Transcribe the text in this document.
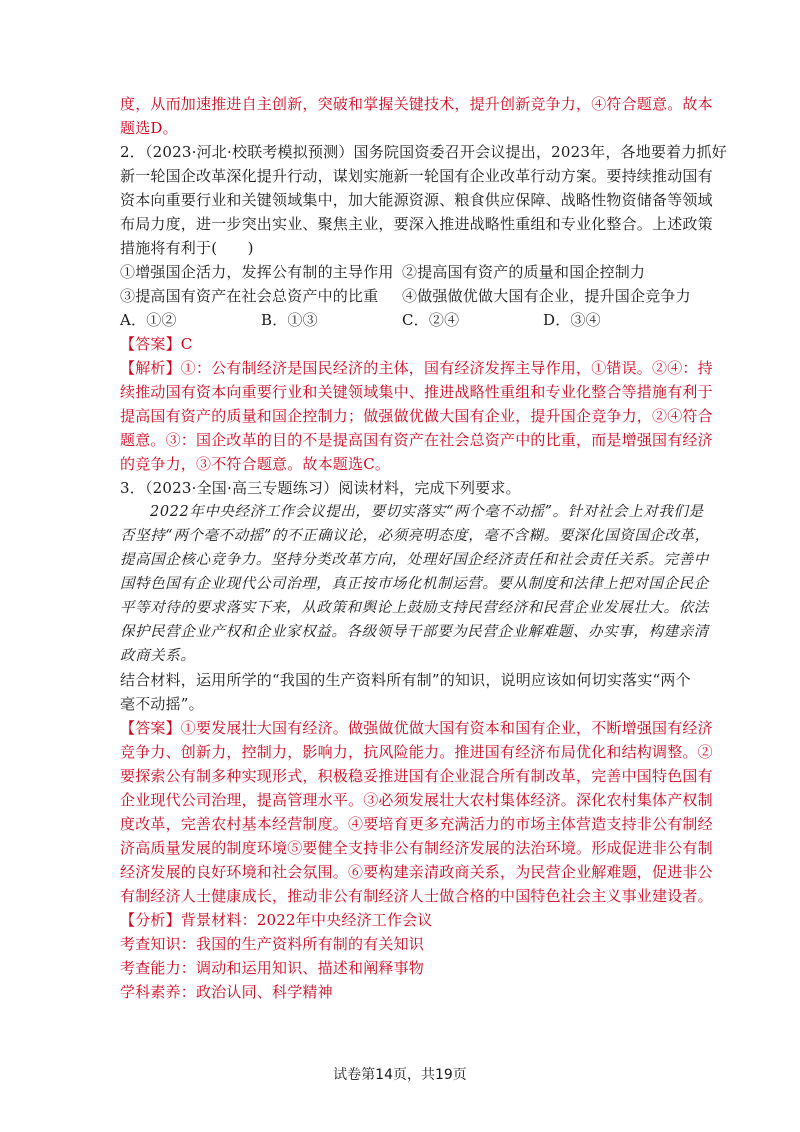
度，从而加速推进自主创新，突破和掌握关键技术，提升创新竞争力，④符合题意。故本
题选D。
2．（2023·河北·校联考模拟预测）国务院国资委召开会议提出，2023年，各地要着力抓好
新一轮国企改革深化提升行动，谋划实施新一轮国有企业改革行动方案。要持续推动国有
资本向重要行业和关键领域集中，加大能源资源、粮食供应保障、战略性物资储备等领域
布局力度，进一步突出实业、聚焦主业，要深入推进战略性重组和专业化整合。上述政策
措施将有利于(　　)
①增强国企活力，发挥公有制的主导作用 ②提高国有资产的质量和国企控制力
③提高国有资产在社会总资产中的比重	④做强做优做大国有企业，提升国企竞争力
A．①②	B．①③	C．②④	D．③④
【答案】C
【解析】①：公有制经济是国民经济的主体，国有经济发挥主导作用，①错误。②④：持
续推动国有资本向重要行业和关键领域集中、推进战略性重组和专业化整合等措施有利于
提高国有资产的质量和国企控制力；做强做优做大国有企业，提升国企竞争力，②④符合
题意。③：国企改革的目的不是提高国有资产在社会总资产中的比重，而是增强国有经济
的竞争力，③不符合题意。故本题选C。
3．（2023·全国·高三专题练习）阅读材料，完成下列要求。
2022年中央经济工作会议提出，要切实落实“两个毫不动摇”。针对社会上对我们是
否坚持“两个毫不动摇”的不正确议论，必须亮明态度，毫不含糊。要深化国资国企改革，
提高国企核心竞争力。坚持分类改革方向，处理好国企经济责任和社会责任关系。完善中
国特色国有企业现代公司治理，真正按市场化机制运营。要从制度和法律上把对国企民企
平等对待的要求落实下来，从政策和舆论上鼓励支持民营经济和民营企业发展壮大。依法
保护民营企业产权和企业家权益。各级领导干部要为民营企业解难题、办实事，构建亲清
政商关系。
结合材料，运用所学的“我国的生产资料所有制”的知识，说明应该如何切实落实“两个
毫不动摇”。
【答案】①要发展壮大国有经济。做强做优做大国有资本和国有企业，不断增强国有经济
竞争力、创新力，控制力，影响力，抗风险能力。推进国有经济布局优化和结构调整。②
要探索公有制多种实现形式，积极稳妥推进国有企业混合所有制改革，完善中国特色国有
企业现代公司治理，提高管理水平。③必须发展壮大农村集体经济。深化农村集体产权制
度改革，完善农村基本经营制度。④要培育更多充满活力的市场主体营造支持非公有制经
济高质量发展的制度环境⑤要健全支持非公有制经济发展的法治环境。形成促进非公有制
经济发展的良好环境和社会氛围。⑥要构建亲清政商关系，为民营企业解难题，促进非公
有制经济人士健康成长，推动非公有制经济人士做合格的中国特色社会主义事业建设者。
【分析】背景材料：2022年中央经济工作会议
考查知识：我国的生产资料所有制的有关知识
考查能力：调动和运用知识、描述和阐释事物
学科素养：政治认同、科学精神
试卷第14页，共19页
